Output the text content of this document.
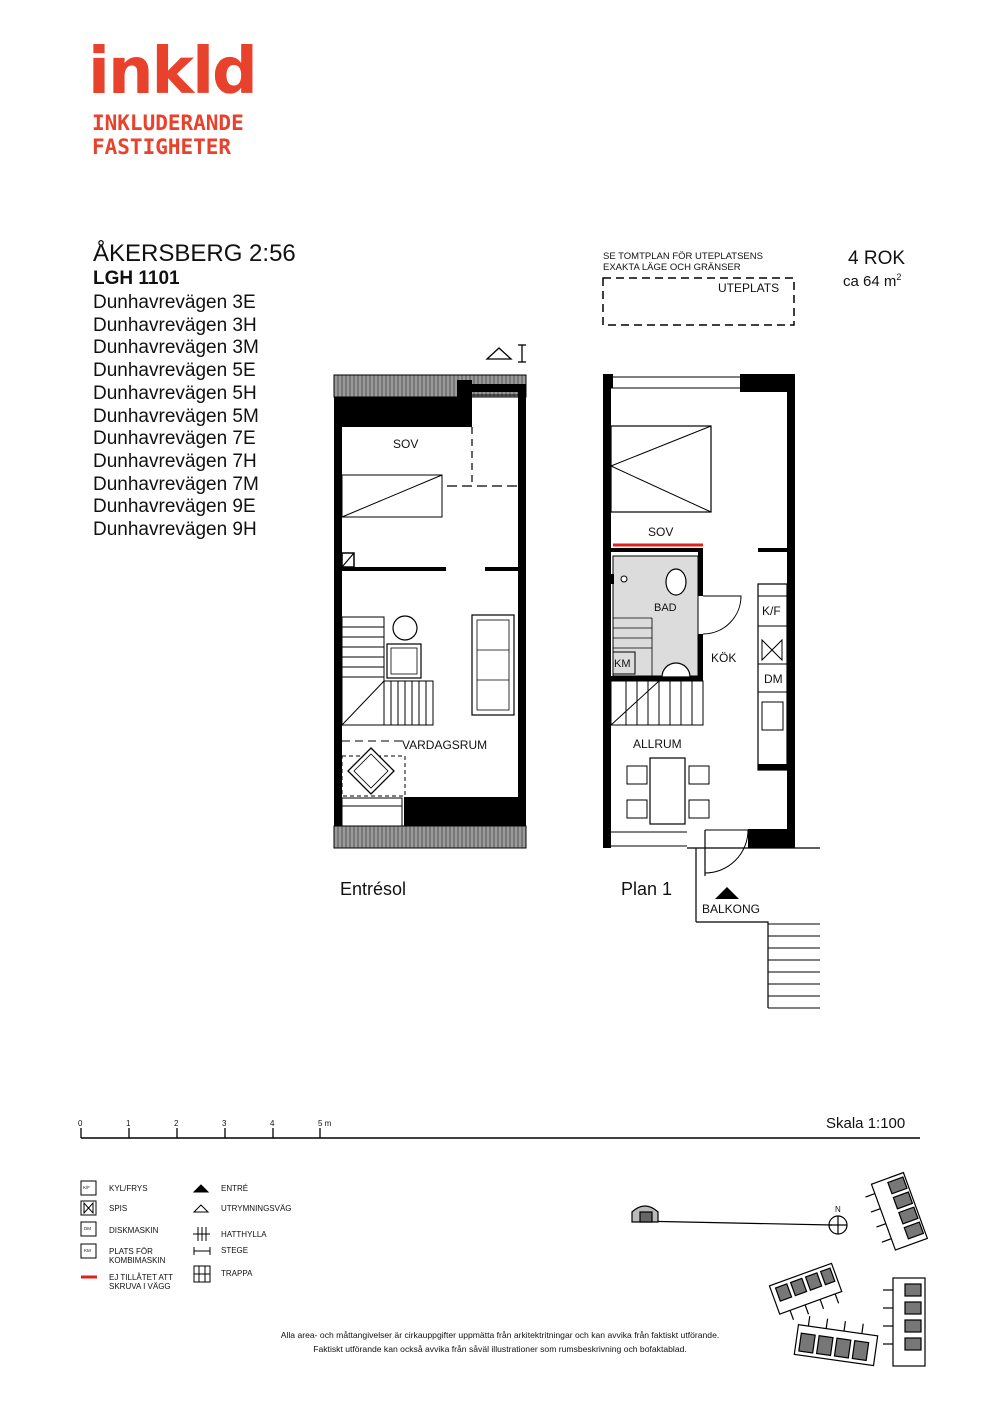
inkld
INKLUDERANDE
FASTIGHETER
ÅKERSBERG 2:56
LGH 1101
Dunhavrevägen 3E
Dunhavrevägen 3H
Dunhavrevägen 3M
Dunhavrevägen 5E
Dunhavrevägen 5H
Dunhavrevägen 5M
Dunhavrevägen 7E
Dunhavrevägen 7H
Dunhavrevägen 7M
Dunhavrevägen 9E
Dunhavrevägen 9H
4 ROK
ca 64 $m^2$
SE TOMTPLAN FÖR UTEPLATSENS
EXAKTA LÄGE OCH GRÄNSER
UTEPLATS
SOV
VARDAGSRUM
Entrésol
SOV
BAD
KM	KÖK
K/F
DM
ALLRUM
BALKONG
Plan 1
0	1	2	3	4	5 m	Skala 1:100
K/F KYL/FRYS
SPIS
DM DISKMASKIN
KM PLATS FÖR
KOMBIMASKIN
EJ TILLÅTET ATT
SKRUVA I VÄGG
ENTRÉ
UTRYMNINGSVÄG
HATTHYLLA
STEGE
TRAPPA
N
Alla area- och måttangivelser är cirkauppgifter uppmätta från arkitektritningar och kan avvika från faktiskt utförande.
Faktiskt utförande kan också avvika från såväl illustrationer som rumsbeskrivning och bofaktablad.
